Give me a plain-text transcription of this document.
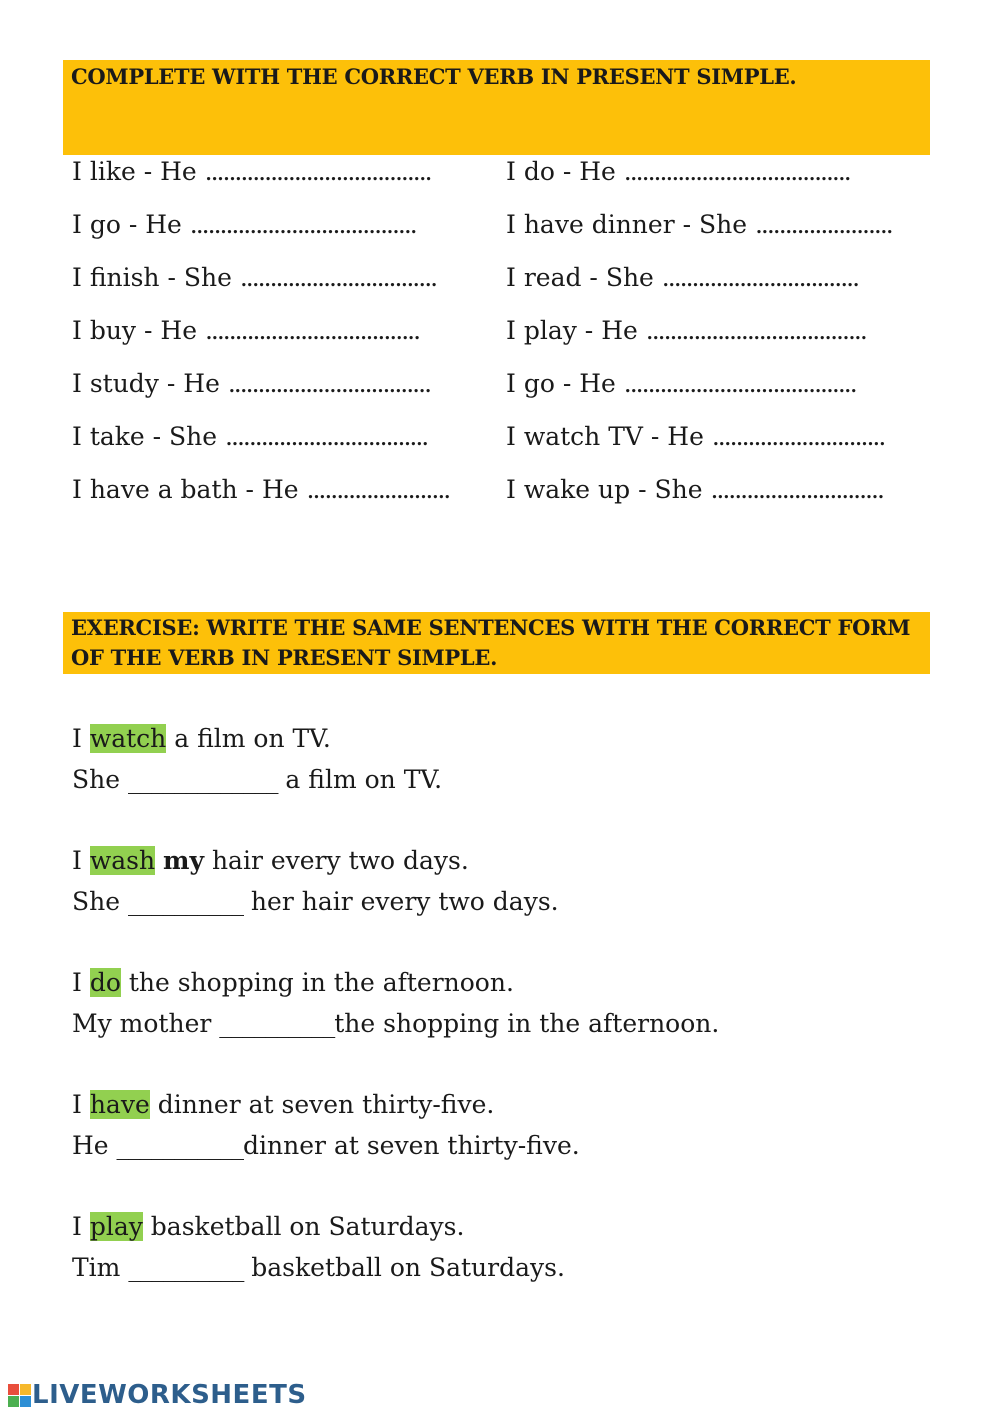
COMPLETE WITH THE CORRECT VERB IN PRESENT SIMPLE.
I like - He ......................................	I do - He ......................................
I go - He ......................................	I have dinner - She .......................
I finish - She .................................	I read - She .................................
I buy - He ....................................	I play - He .....................................
I study - He ..................................	I go - He .......................................
I take - She ..................................	I watch TV - He .............................
I have a bath - He ........................ I wake up - She .............................
EXERCISE: WRITE THE SAME SENTENCES WITH THE CORRECT FORM OF THE VERB IN PRESENT SIMPLE.
I watch a film on TV.
She _____________ a film on TV.
I wash my hair every two days.
She __________ her hair every two days.
I do the shopping in the afternoon.
My mother __________the shopping in the afternoon.
I have dinner at seven thirty-five.
He ___________dinner at seven thirty-five.
I play basketball on Saturdays.
Tim __________ basketball on Saturdays.
LIVEWORKSHEETS
